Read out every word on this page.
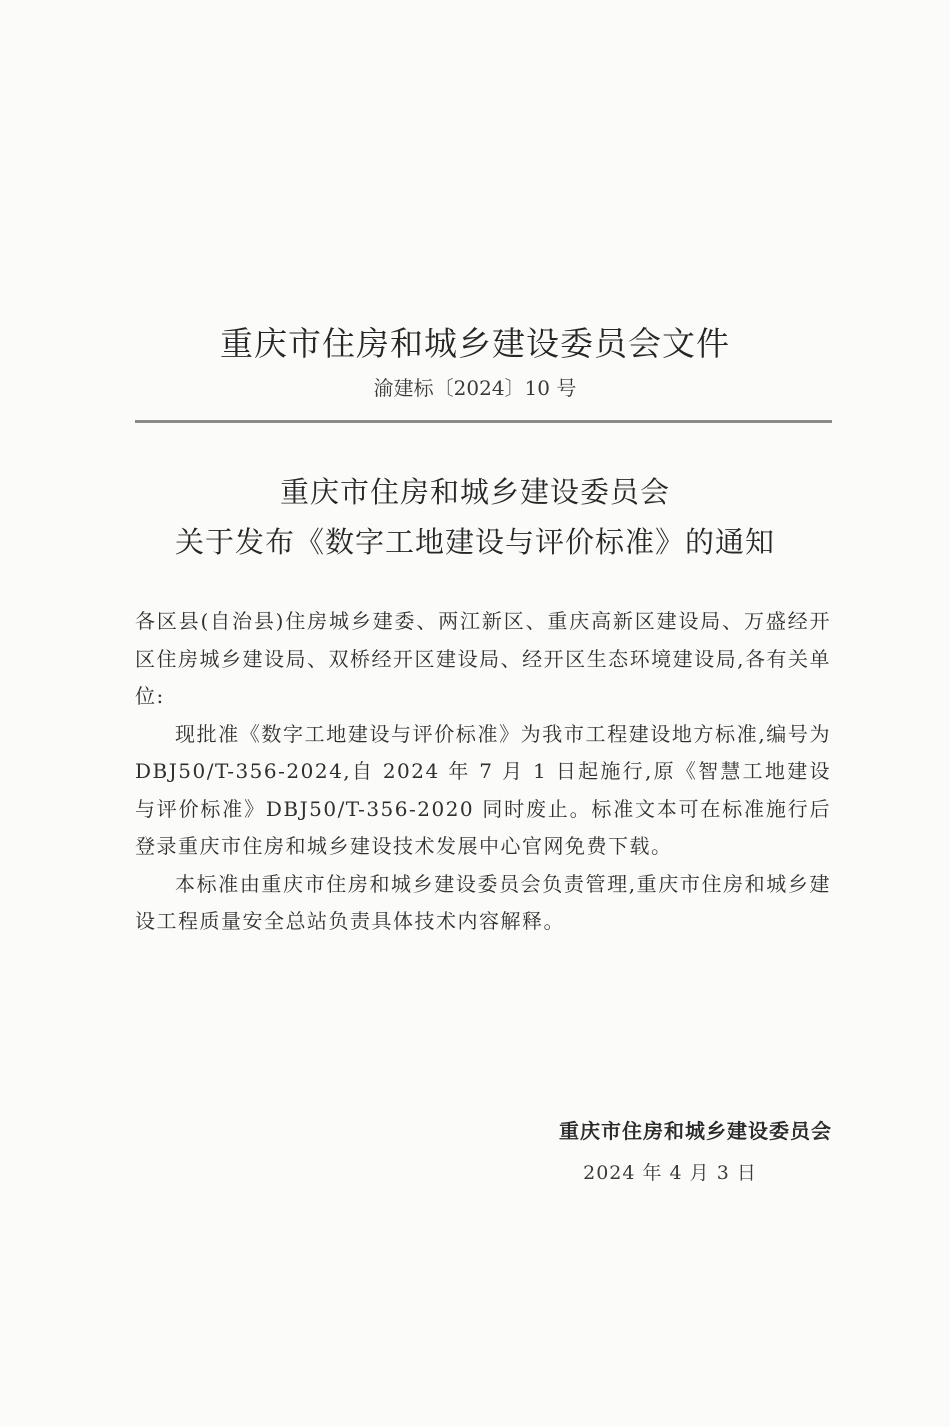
重庆市住房和城乡建设委员会文件
渝建标〔2024〕10 号
重庆市住房和城乡建设委员会
关于发布《数字工地建设与评价标准》的通知

各区县(自治县)住房城乡建委、两江新区、重庆高新区建设局、万盛经开区住房城乡建设局、双桥经开区建设局、经开区生态环境建设局,各有关单位:

现批准《数字工地建设与评价标准》为我市工程建设地方标准,编号为 DBJ50/T-356-2024,自 2024 年 7 月 1 日起施行,原《智慧工地建设与评价标准》DBJ50/T-356-2020 同时废止。标准文本可在标准施行后登录重庆市住房和城乡建设技术发展中心官网免费下载。

本标准由重庆市住房和城乡建设委员会负责管理,重庆市住房和城乡建设工程质量安全总站负责具体技术内容解释。

重庆市住房和城乡建设委员会
2024 年 4 月 3 日
